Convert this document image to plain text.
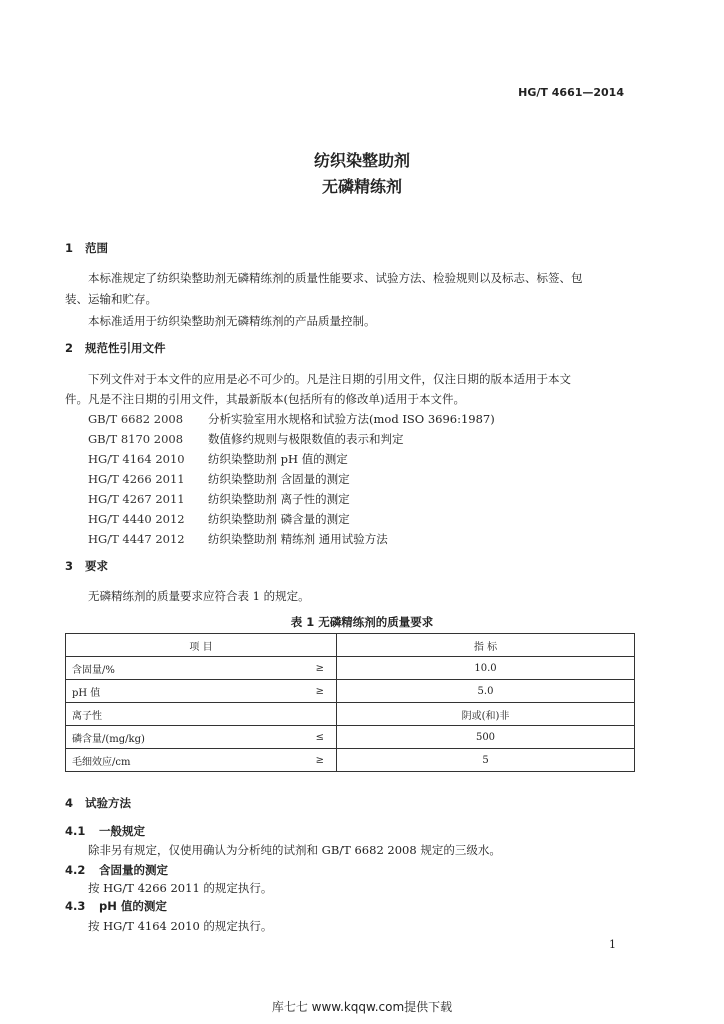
HG/T 4661—2014
纺织染整助剂
无磷精练剂
1 范围
本标准规定了纺织染整助剂无磷精练剂的质量性能要求、试验方法、检验规则以及标志、标签、包
装、运输和贮存。
本标准适用于纺织染整助剂无磷精练剂的产品质量控制。
2 规范性引用文件
下列文件对于本文件的应用是必不可少的。凡是注日期的引用文件，仅注日期的版本适用于本文
件。凡是不注日期的引用文件，其最新版本(包括所有的修改单)适用于本文件。
GB/T 6682 2008 分析实验室用水规格和试验方法(mod ISO 3696:1987)
GB/T 8170 2008 数值修约规则与极限数值的表示和判定
HG/T 4164 2010 纺织染整助剂 pH 值的测定
HG/T 4266 2011 纺织染整助剂 含固量的测定
HG/T 4267 2011 纺织染整助剂 离子性的测定
HG/T 4440 2012 纺织染整助剂 磷含量的测定
HG/T 4447 2012 纺织染整助剂 精练剂 通用试验方法
3 要求
无磷精练剂的质量要求应符合表 1 的规定。
表 1 无磷精练剂的质量要求
项 目		指 标
含固量/%	≥	10.0
pH 值	≥	5.0
离子性		阴或(和)非
磷含量/(mg/kg)	≤	500
毛细效应/cm	≥	5
4 试验方法
4.1 一般规定
除非另有规定，仅使用确认为分析纯的试剂和 GB/T 6682 2008 规定的三级水。
4.2 含固量的测定
按 HG/T 4266 2011 的规定执行。
4.3 pH 值的测定
按 HG/T 4164 2010 的规定执行。
1
库七七 www.kqqw.com提供下载
